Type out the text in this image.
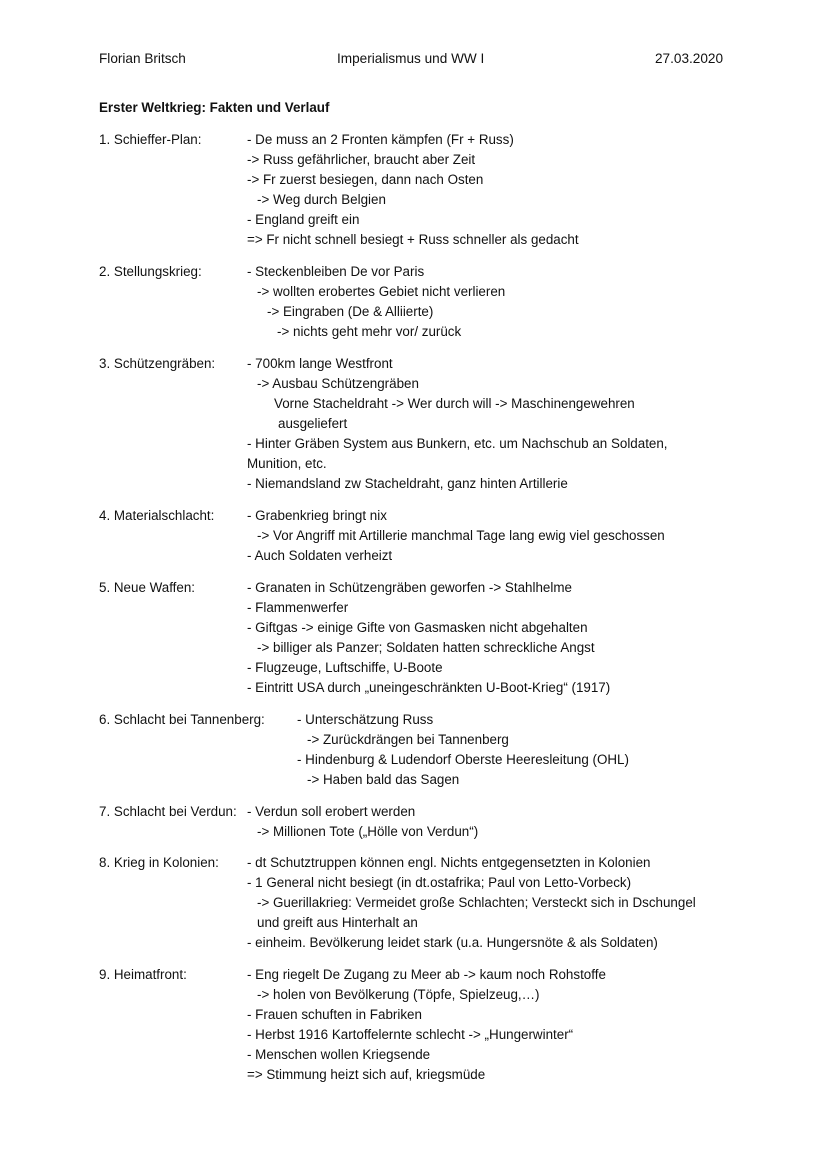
Florian Britsch	Imperialismus und WW I	27.03.2020
Erster Weltkrieg: Fakten und Verlauf
1. Schieffer-Plan:	- De muss an 2 Fronten kämpfen (Fr + Russ)
-> Russ gefährlicher, braucht aber Zeit
-> Fr zuerst besiegen, dann nach Osten
-> Weg durch Belgien
- England greift ein
=> Fr nicht schnell besiegt + Russ schneller als gedacht
2. Stellungskrieg:	- Steckenbleiben De vor Paris
-> wollten erobertes Gebiet nicht verlieren
-> Eingraben (De & Alliierte)
-> nichts geht mehr vor/ zurück
3. Schützengräben: - 700km lange Westfront
-> Ausbau Schützengräben
Vorne Stacheldraht -> Wer durch will -> Maschinengewehren
ausgeliefert
- Hinter Gräben System aus Bunkern, etc. um Nachschub an Soldaten,
Munition, etc.
- Niemandsland zw Stacheldraht, ganz hinten Artillerie
4. Materialschlacht: - Grabenkrieg bringt nix
-> Vor Angriff mit Artillerie manchmal Tage lang ewig viel geschossen
- Auch Soldaten verheizt
5. Neue Waffen:	- Granaten in Schützengräben geworfen -> Stahlhelme
- Flammenwerfer
- Giftgas -> einige Gifte von Gasmasken nicht abgehalten
-> billiger als Panzer; Soldaten hatten schreckliche Angst
- Flugzeuge, Luftschiffe, U-Boote
- Eintritt USA durch „uneingeschränkten U-Boot-Krieg“ (1917)
6. Schlacht bei Tannenberg: - Unterschätzung Russ
-> Zurückdrängen bei Tannenberg
- Hindenburg & Ludendorf Oberste Heeresleitung (OHL)
-> Haben bald das Sagen
7. Schlacht bei Verdun: - Verdun soll erobert werden
-> Millionen Tote („Hölle von Verdun“)
8. Krieg in Kolonien: - dt Schutztruppen können engl. Nichts entgegensetzten in Kolonien
- 1 General nicht besiegt (in dt.ostafrika; Paul von Letto-Vorbeck)
-> Guerillakrieg: Vermeidet große Schlachten; Versteckt sich in Dschungel
und greift aus Hinterhalt an
- einheim. Bevölkerung leidet stark (u.a. Hungersnöte & als Soldaten)
9. Heimatfront:	- Eng riegelt De Zugang zu Meer ab -> kaum noch Rohstoffe
-> holen von Bevölkerung (Töpfe, Spielzeug,…)
- Frauen schuften in Fabriken
- Herbst 1916 Kartoffelernte schlecht -> „Hungerwinter“
- Menschen wollen Kriegsende
=> Stimmung heizt sich auf, kriegsmüde
